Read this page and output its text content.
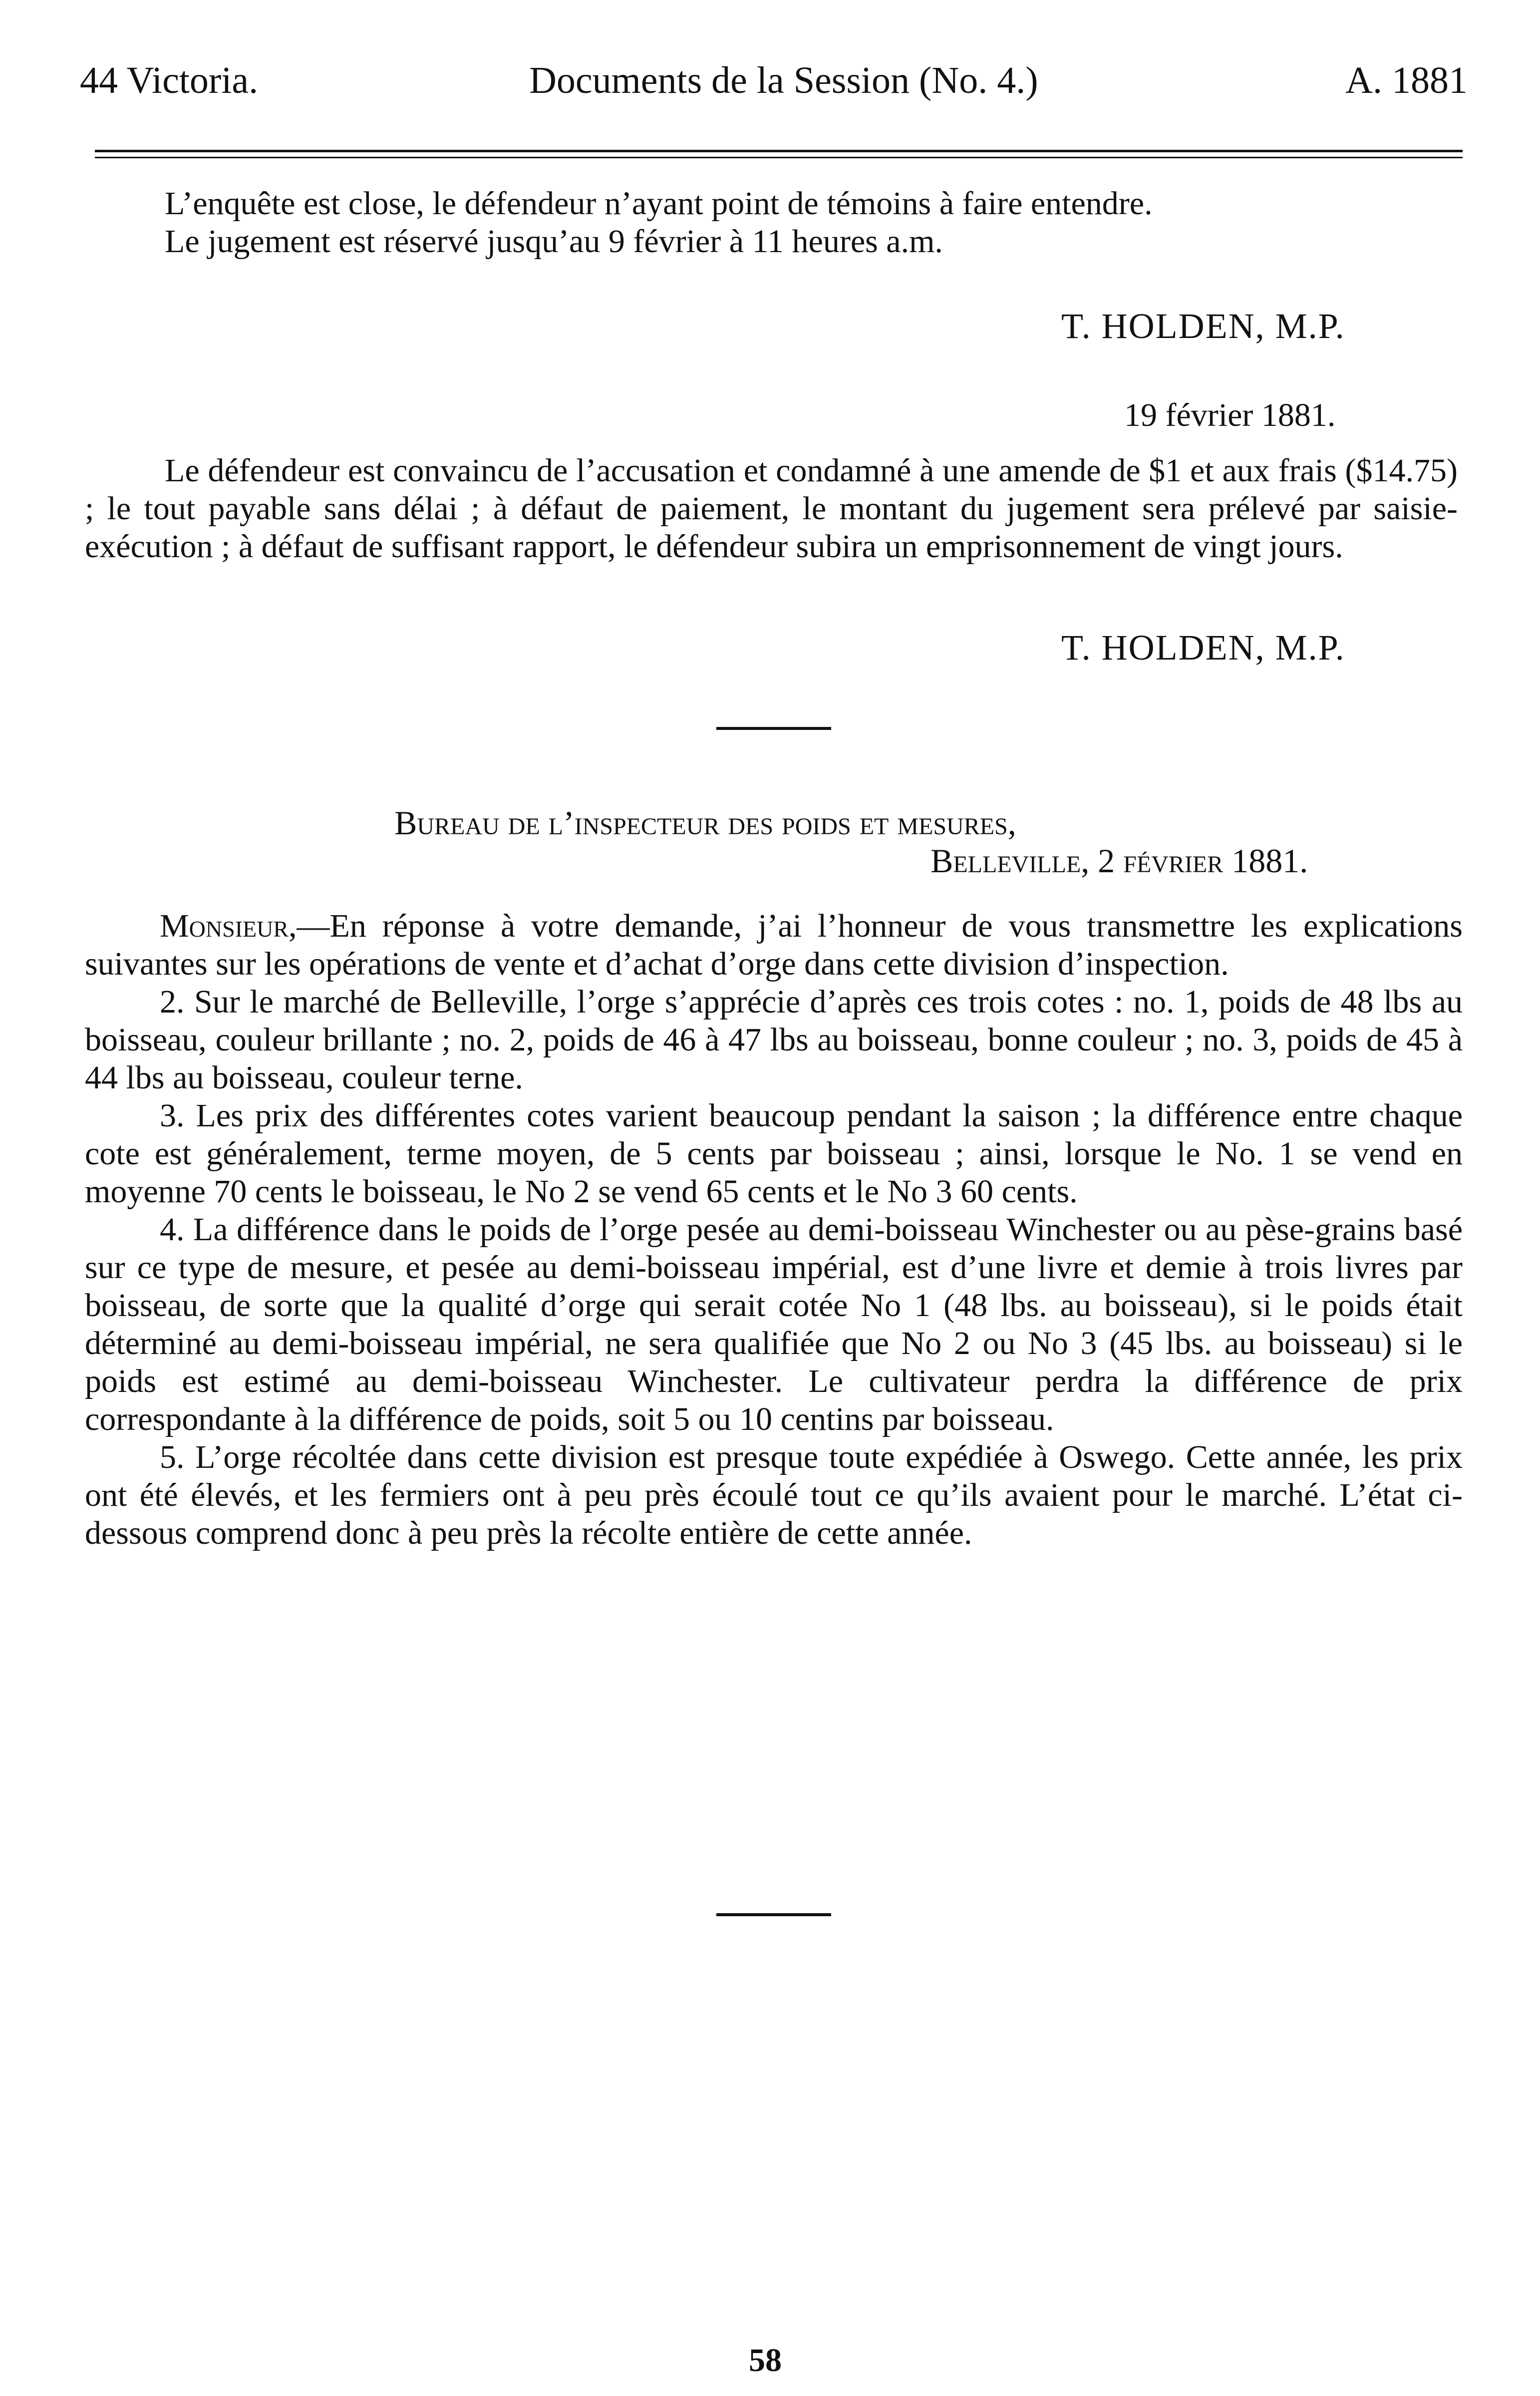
44 Victoria.	Documents de la Session (No. 4.)	A. 1881
L’enquête est close, le défendeur n’ayant point de témoins à faire entendre.
Le jugement est réservé jusqu’au 9 février à 11 heures a.m.
T. HOLDEN, M.P.
19 février 1881.
Le défendeur est convaincu de l’accusation et condamné à une amende de $1 et aux frais ($14.75) ; le tout payable sans délai ; à défaut de paiement, le montant du jugement sera prélevé par saisie-exécution ; à défaut de suffisant rapport, le défendeur subira un emprisonnement de vingt jours.
T. HOLDEN, M.P.
Bureau de l’inspecteur des poids et mesures,
Belleville, 2 février 1881.

Monsieur,—En réponse à votre demande, j’ai l’honneur de vous transmettre les explications suivantes sur les opérations de vente et d’achat d’orge dans cette division d’inspection.

2. Sur le marché de Belleville, l’orge s’apprécie d’après ces trois cotes : no. 1, poids de 48 lbs au boisseau, couleur brillante ; no. 2, poids de 46 à 47 lbs au boisseau, bonne couleur ; no. 3, poids de 45 à 44 lbs au boisseau, couleur terne.

3. Les prix des différentes cotes varient beaucoup pendant la saison ; la différence entre chaque cote est généralement, terme moyen, de 5 cents par boisseau ; ainsi, lorsque le No. 1 se vend en moyenne 70 cents le boisseau, le No 2 se vend 65 cents et le No 3 60 cents.

4. La différence dans le poids de l’orge pesée au demi-boisseau Winchester ou au pèse-grains basé sur ce type de mesure, et pesée au demi-boisseau impérial, est d’une livre et demie à trois livres par boisseau, de sorte que la qualité d’orge qui serait cotée No 1 (48 lbs. au boisseau), si le poids était déterminé au demi-boisseau impérial, ne sera qualifiée que No 2 ou No 3 (45 lbs. au boisseau) si le poids est estimé au demi-boisseau Winchester. Le cultivateur perdra la différence de prix correspondante à la différence de poids, soit 5 ou 10 centins par boisseau.

5. L’orge récoltée dans cette division est presque toute expédiée à Oswego. Cette année, les prix ont été élevés, et les fermiers ont à peu près écoulé tout ce qu’ils avaient pour le marché. L’état ci-dessous comprend donc à peu près la récolte entière de cette année.

58
